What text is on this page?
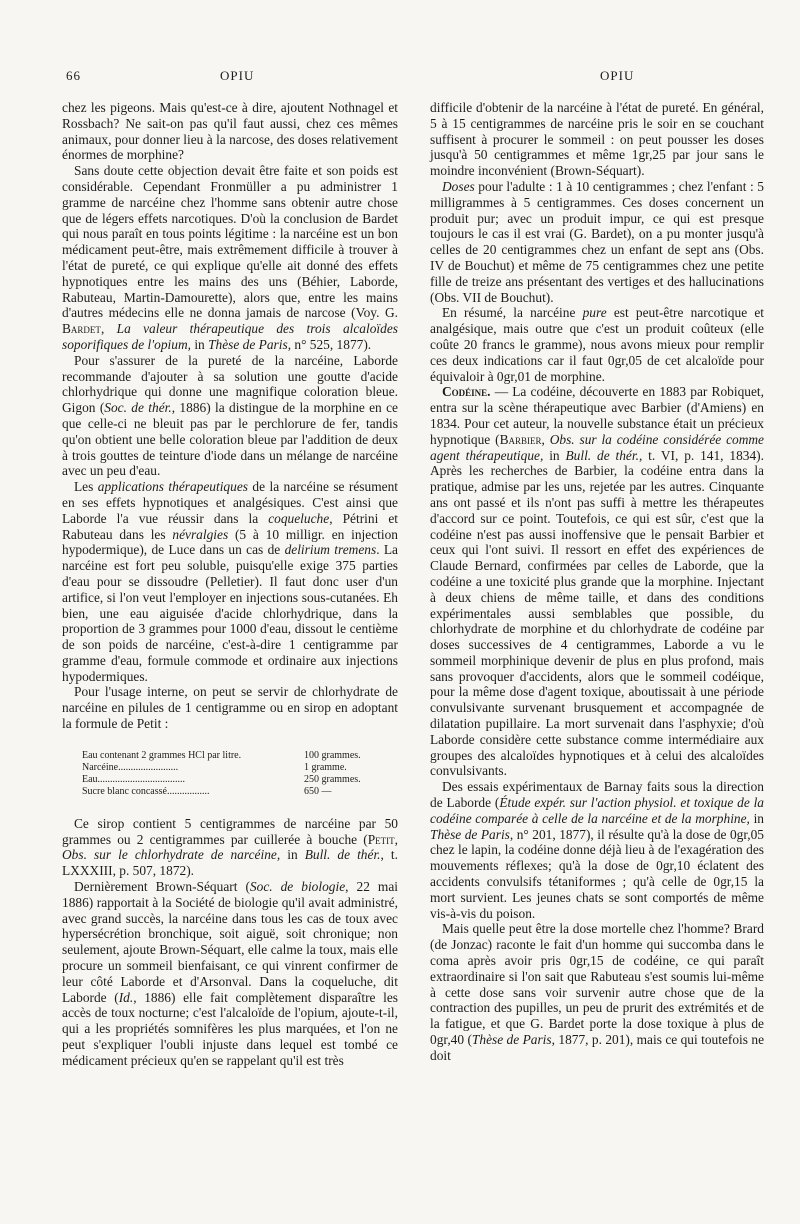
66	OPIU	OPIU

chez les pigeons. Mais qu'est-ce à dire, ajoutent Nothnagel et Rossbach? Ne sait-on pas qu'il faut aussi, chez ces mêmes animaux, pour donner lieu à la narcose, des doses relativement énormes de morphine?

Sans doute cette objection devait être faite et son poids est considérable. Cependant Fronmüller a pu administrer 1 gramme de narcéine chez l'homme sans obtenir autre chose que de légers effets narcotiques. D'où la conclusion de Bardet qui nous paraît en tous points légitime : la narcéine est un bon médicament peut-être, mais extrêmement difficile à trouver à l'état de pureté, ce qui explique qu'elle ait donné des effets hypnotiques entre les mains des uns (Béhier, Laborde, Rabuteau, Martin-Damourette), alors que, entre les mains d'autres médecins elle ne donna jamais de narcose (Voy. G. Bardet, La valeur thérapeutique des trois alcaloïdes soporifiques de l'opium, in Thèse de Paris, n° 525, 1877).

Pour s'assurer de la pureté de la narcéine, Laborde recommande d'ajouter à sa solution une goutte d'acide chlorhydrique qui donne une magnifique coloration bleue. Gigon (Soc. de thér., 1886) la distingue de la morphine en ce que celle-ci ne bleuit pas par le perchlorure de fer, tandis qu'on obtient une belle coloration bleue par l'addition de deux à trois gouttes de teinture d'iode dans un mélange de narcéine avec un peu d'eau.

Les applications thérapeutiques de la narcéine se résument en ses effets hypnotiques et analgésiques. C'est ainsi que Laborde l'a vue réussir dans la coqueluche, Pétrini et Rabuteau dans les névralgies (5 à 10 milligr. en injection hypodermique), de Luce dans un cas de delirium tremens. La narcéine est fort peu soluble, puisqu'elle exige 375 parties d'eau pour se dissoudre (Pelletier). Il faut donc user d'un artifice, si l'on veut l'employer en injections sous-cutanées. Eh bien, une eau aiguisée d'acide chlorhydrique, dans la proportion de 3 grammes pour 1000 d'eau, dissout le centième de son poids de narcéine, c'est-à-dire 1 centigramme par gramme d'eau, formule commode et ordinaire aux injections hypodermiques.

Pour l'usage interne, on peut se servir de chlorhydrate de narcéine en pilules de 1 centigramme ou en sirop en adoptant la formule de Petit :

Eau contenant 2 grammes HCl par litre.	100 grammes.
Narcéine........................	1 gramme.
Eau...................................	250 grammes.
Sucre blanc concassé.................	650 —

Ce sirop contient 5 centigrammes de narcéine par 50 grammes ou 2 centigrammes par cuillerée à bouche (Petit, Obs. sur le chlorhydrate de narcéine, in Bull. de thér., t. LXXXIII, p. 507, 1872).

Dernièrement Brown-Séquart (Soc. de biologie, 22 mai 1886) rapportait à la Société de biologie qu'il avait administré, avec grand succès, la narcéine dans tous les cas de toux avec hypersécrétion bronchique, soit aiguë, soit chronique; non seulement, ajoute Brown-Séquart, elle calme la toux, mais elle procure un sommeil bienfaisant, ce qui vinrent confirmer de leur côté Laborde et d'Arsonval. Dans la coqueluche, dit Laborde (Id., 1886) elle fait complètement disparaître les accès de toux nocturne; c'est l'alcaloïde de l'opium, ajoute-t-il, qui a les propriétés somnifères les plus marquées, et l'on ne peut s'expliquer l'oubli injuste dans lequel est tombé ce médicament précieux qu'en se rappelant qu'il est très

difficile d'obtenir de la narcéine à l'état de pureté. En général, 5 à 15 centigrammes de narcéine pris le soir en se couchant suffisent à procurer le sommeil : on peut pousser les doses jusqu'à 50 centigrammes et même 1gr,25 par jour sans le moindre inconvénient (Brown-Séquart).

Doses pour l'adulte : 1 à 10 centigrammes ; chez l'enfant : 5 milligrammes à 5 centigrammes. Ces doses concernent un produit pur; avec un produit impur, ce qui est presque toujours le cas il est vrai (G. Bardet), on a pu monter jusqu'à celles de 20 centigrammes chez un enfant de sept ans (Obs. IV de Bouchut) et même de 75 centigrammes chez une petite fille de treize ans présentant des vertiges et des hallucinations (Obs. VII de Bouchut).

En résumé, la narcéine pure est peut-être narcotique et analgésique, mais outre que c'est un produit coûteux (elle coûte 20 francs le gramme), nous avons mieux pour remplir ces deux indications car il faut 0gr,05 de cet alcaloïde pour équivaloir à 0gr,01 de morphine.

Codéine. — La codéine, découverte en 1883 par Robiquet, entra sur la scène thérapeutique avec Barbier (d'Amiens) en 1834. Pour cet auteur, la nouvelle substance était un précieux hypnotique (Barbier, Obs. sur la codéine considérée comme agent thérapeutique, in Bull. de thér., t. VI, p. 141, 1834). Après les recherches de Barbier, la codéine entra dans la pratique, admise par les uns, rejetée par les autres. Cinquante ans ont passé et ils n'ont pas suffi à mettre les thérapeutes d'accord sur ce point. Toutefois, ce qui est sûr, c'est que la codéine n'est pas aussi inoffensive que le pensait Barbier et ceux qui l'ont suivi. Il ressort en effet des expériences de Claude Bernard, confirmées par celles de Laborde, que la codéine a une toxicité plus grande que la morphine. Injectant à deux chiens de même taille, et dans des conditions expérimentales aussi semblables que possible, du chlorhydrate de morphine et du chlorhydrate de codéine par doses successives de 4 centigrammes, Laborde a vu le sommeil morphinique devenir de plus en plus profond, mais sans provoquer d'accidents, alors que le sommeil codéique, pour la même dose d'agent toxique, aboutissait à une période convulsivante survenant brusquement et accompagnée de dilatation pupillaire. La mort survenait dans l'asphyxie; d'où Laborde considère cette substance comme intermédiaire aux groupes des alcaloïdes hypnotiques et à celui des alcaloïdes convulsivants.

Des essais expérimentaux de Barnay faits sous la direction de Laborde (Étude expér. sur l'action physiol. et toxique de la codéine comparée à celle de la narcéine et de la morphine, in Thèse de Paris, n° 201, 1877), il résulte qu'à la dose de 0gr,05 chez le lapin, la codéine donne déjà lieu à de l'exagération des mouvements réflexes; qu'à la dose de 0gr,10 éclatent des accidents convulsifs tétaniformes ; qu'à celle de 0gr,15 la mort survient. Les jeunes chats se sont comportés de même vis-à-vis du poison.

Mais quelle peut être la dose mortelle chez l'homme? Brard (de Jonzac) raconte le fait d'un homme qui succomba dans le coma après avoir pris 0gr,15 de codéine, ce qui paraît extraordinaire si l'on sait que Rabuteau s'est soumis lui-même à cette dose sans voir survenir autre chose que de la contraction des pupilles, un peu de prurit des extrémités et de la fatigue, et que G. Bardet porte la dose toxique à plus de 0gr,40 (Thèse de Paris, 1877, p. 201), mais ce qui toutefois ne doit
